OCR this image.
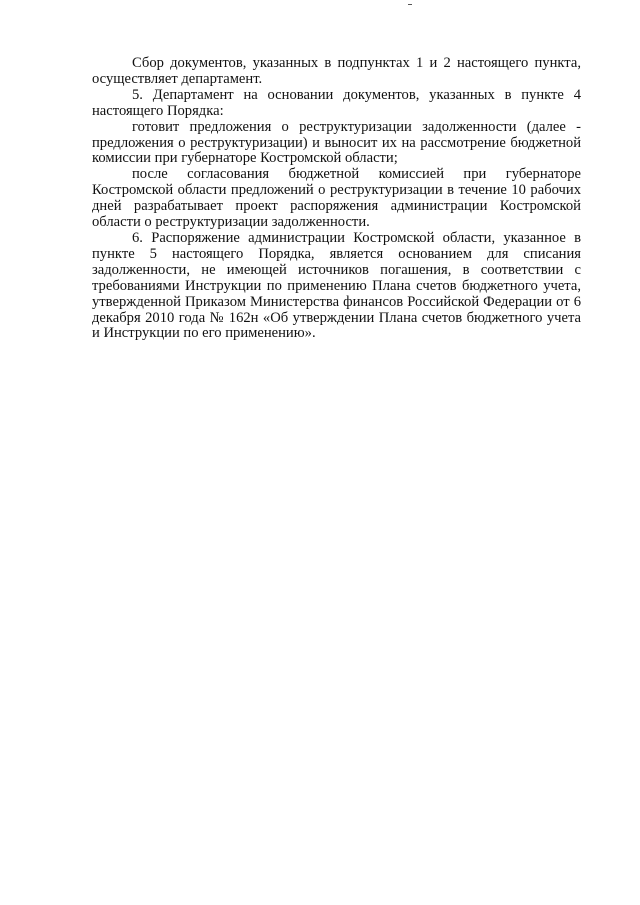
Сбор документов, указанных в подпунктах 1 и 2 настоящего пункта, осуществляет департамент.

5. Департамент на основании документов, указанных в пункте 4 настоящего Порядка:

готовит предложения о реструктуризации задолженности (далее - предложения о реструктуризации) и выносит их на рассмотрение бюджетной комиссии при губернаторе Костромской области;

после согласования бюджетной комиссией при губернаторе Костромской области предложений о реструктуризации в течение 10 рабочих дней разрабатывает проект распоряжения администрации Костромской области о реструктуризации задолженности.

6. Распоряжение администрации Костромской области, указанное в пункте 5 настоящего Порядка, является основанием для списания задолженности, не имеющей источников погашения, в соответствии с требованиями Инструкции по применению Плана счетов бюджетного учета, утвержденной Приказом Министерства финансов Российской Федерации от 6 декабря 2010 года № 162н «Об утверждении Плана счетов бюджетного учета и Инструкции по его применению».
